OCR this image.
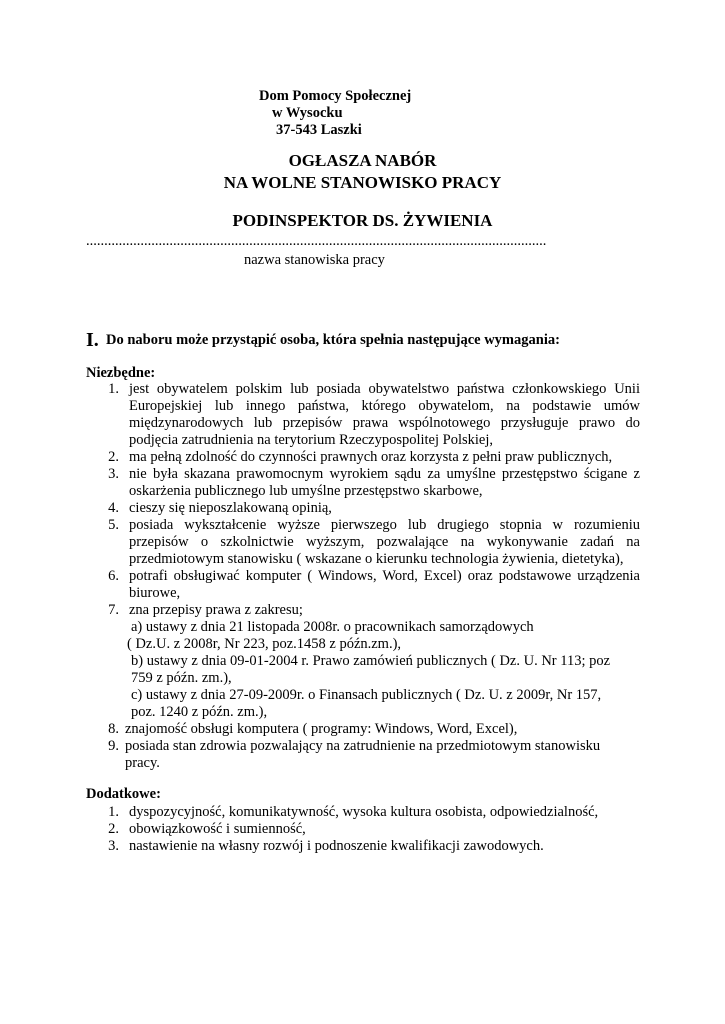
Dom Pomocy Społecznej
w Wysocku
37-543 Laszki
OGŁASZA NABÓR
NA WOLNE STANOWISKO PRACY
PODINSPEKTOR DS. ŻYWIENIA
...............................................................................................................................
nazwa stanowiska pracy
I. Do naboru może przystąpić osoba, która spełnia następujące wymagania:
Niezbędne:
1. jest obywatelem polskim lub posiada obywatelstwo państwa członkowskiego Unii
Europejskiej lub innego państwa, którego obywatelom, na podstawie umów
międzynarodowych lub przepisów prawa wspólnotowego przysługuje prawo do
podjęcia zatrudnienia na terytorium Rzeczypospolitej Polskiej,
2. ma pełną zdolność do czynności prawnych oraz korzysta z pełni praw publicznych,
3. nie była skazana prawomocnym wyrokiem sądu za umyślne przestępstwo ścigane z
oskarżenia publicznego lub umyślne przestępstwo skarbowe,
4. cieszy się nieposzlakowaną opinią,
5. posiada wykształcenie wyższe pierwszego lub drugiego stopnia w rozumieniu
przepisów o szkolnictwie wyższym, pozwalające na wykonywanie zadań na
przedmiotowym stanowisku ( wskazane o kierunku technologia żywienia, dietetyka),
6. potrafi obsługiwać komputer ( Windows, Word, Excel) oraz podstawowe urządzenia
biurowe,
7. zna przepisy prawa z zakresu;
a) ustawy z dnia 21 listopada 2008r. o pracownikach samorządowych
( Dz.U. z 2008r, Nr 223, poz.1458 z późn.zm.),
b) ustawy z dnia 09-01-2004 r. Prawo zamówień publicznych ( Dz. U. Nr 113; poz
759 z późn. zm.),
c) ustawy z dnia 27-09-2009r. o Finansach publicznych ( Dz. U. z 2009r, Nr 157,
poz. 1240 z późn. zm.),
8. znajomość obsługi komputera ( programy: Windows, Word, Excel),
9. posiada stan zdrowia pozwalający na zatrudnienie na przedmiotowym stanowisku
pracy.
Dodatkowe:
1. dyspozycyjność, komunikatywność, wysoka kultura osobista, odpowiedzialność,
2. obowiązkowość i sumienność,
3. nastawienie na własny rozwój i podnoszenie kwalifikacji zawodowych.
